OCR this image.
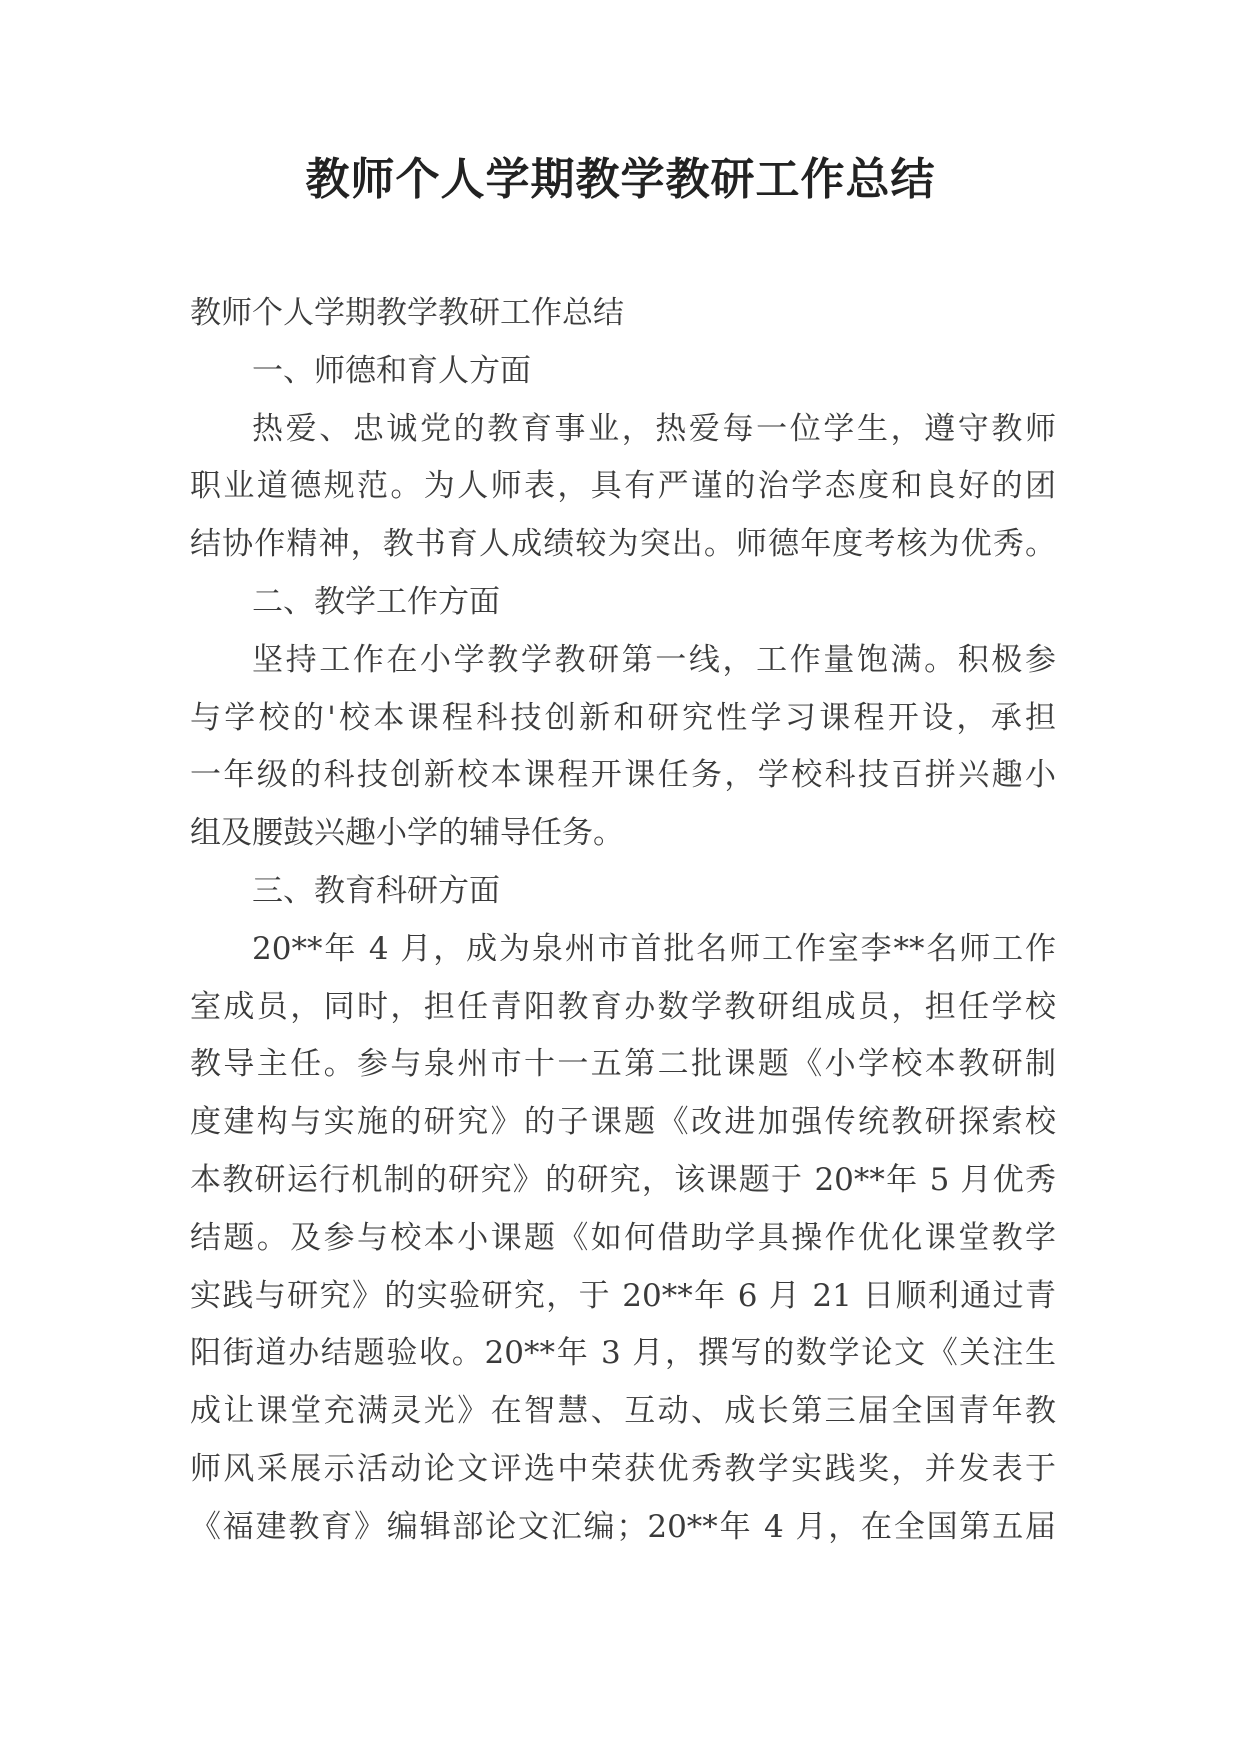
教师个人学期教学教研工作总结
教师个人学期教学教研工作总结
一、师德和育人方面
热爱、忠诚党的教育事业，热爱每一位学生，遵守教师
职业道德规范。为人师表，具有严谨的治学态度和良好的团
结协作精神，教书育人成绩较为突出。师德年度考核为优秀。
二、教学工作方面
坚持工作在小学教学教研第一线，工作量饱满。积极参
与学校的'校本课程科技创新和研究性学习课程开设，承担
一年级的科技创新校本课程开课任务，学校科技百拼兴趣小
组及腰鼓兴趣小学的辅导任务。
三、教育科研方面
20**年 4 月，成为泉州市首批名师工作室李**名师工作
室成员，同时，担任青阳教育办数学教研组成员，担任学校
教导主任。参与泉州市十一五第二批课题《小学校本教研制
度建构与实施的研究》的子课题《改进加强传统教研探索校
本教研运行机制的研究》的研究，该课题于 20**年 5 月优秀
结题。及参与校本小课题《如何借助学具操作优化课堂教学
实践与研究》的实验研究，于 20**年 6 月 21 日顺利通过青
阳街道办结题验收。20**年 3 月，撰写的数学论文《关注生
成让课堂充满灵光》在智慧、互动、成长第三届全国青年教
师风采展示活动论文评选中荣获优秀教学实践奖，并发表于
《福建教育》编辑部论文汇编；20**年 4 月，在全国第五届
